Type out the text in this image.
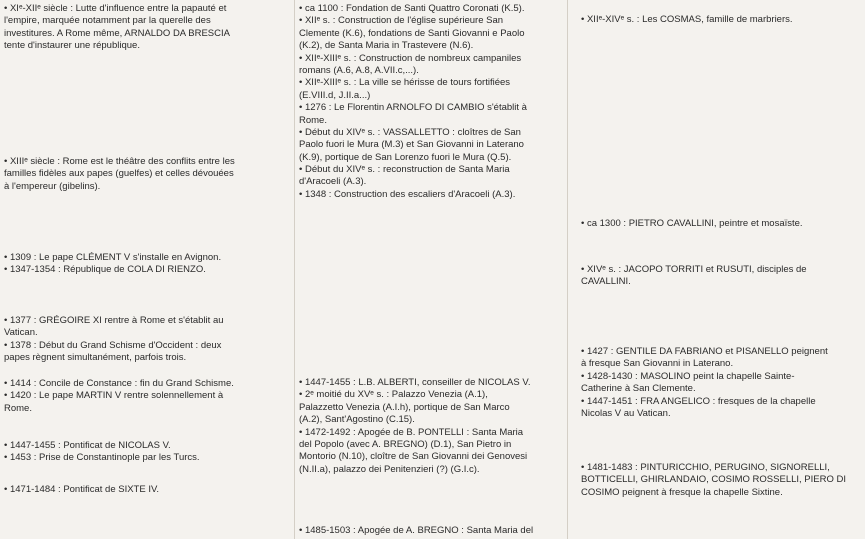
• XIᵉ-XIIᵉ siècle : Lutte d'influence entre la papauté et
l'empire, marquée notamment par la querelle des
investitures. A Rome même, ARNALDO DA BRESCIA
tente d'instaurer une république.
• XIIIᵉ siècle : Rome est le théâtre des conflits entre les
familles fidèles aux papes (guelfes) et celles dévouées
à l'empereur (gibelins).
• 1309 : Le pape CLÉMENT V s'installe en Avignon.
• 1347-1354 : République de COLA DI RIENZO.
• 1377 : GRÉGOIRE XI rentre à Rome et s'établit au
Vatican.
• 1378 : Début du Grand Schisme d'Occident : deux
papes règnent simultanément, parfois trois.
• 1414 : Concile de Constance : fin du Grand Schisme.
• 1420 : Le pape MARTIN V rentre solennellement à
Rome.
• 1447-1455 : Pontificat de NICOLAS V.
• 1453 : Prise de Constantinople par les Turcs.
• 1471-1484 : Pontificat de SIXTE IV.
• ca 1100 : Fondation de Santi Quattro Coronati (K.5).
• XIIᵉ s. : Construction de l'église supérieure San
Clemente (K.6), fondations de Santi Giovanni e Paolo
(K.2), de Santa Maria in Trastevere (N.6).
• XIIᵉ-XIIIᵉ s. : Construction de nombreux campaniles
romans (A.6, A.8, A.VII.c,...).
• XIIᵉ-XIIIᵉ s. : La ville se hérisse de tours fortifiées
(E.VIII.d, J.II.a...)
• 1276 : Le Florentin ARNOLFO DI CAMBIO s'établit à
Rome.
• Début du XIVᵉ s. : VASSALLETTO : cloîtres de San
Paolo fuori le Mura (M.3) et San Giovanni in Laterano
(K.9), portique de San Lorenzo fuori le Mura (Q.5).
• Début du XIVᵉ s. : reconstruction de Santa Maria
d'Aracoeli (A.3).
• 1348 : Construction des escaliers d'Aracoeli (A.3).
• 1447-1455 : L.B. ALBERTI, conseiller de NICOLAS V.
• 2ᵉ moitié du XVᵉ s. : Palazzo Venezia (A.1),
Palazzetto Venezia (A.I.h), portique de San Marco
(A.2), Sant'Agostino (C.15).
• 1472-1492 : Apogée de B. PONTELLI : Santa Maria
del Popolo (avec A. BREGNO) (D.1), San Pietro in
Montorio (N.10), cloître de San Giovanni dei Genovesi
(N.II.a), palazzo dei Penitenzieri (?) (G.I.c).
• 1485-1503 : Apogée de A. BREGNO : Santa Maria del
• XIIᵉ-XIVᵉ s. : Les COSMAS, famille de marbriers.
• ca 1300 : PIETRO CAVALLINI, peintre et mosaïste.
• XIVᵉ s. : JACOPO TORRITI et RUSUTI, disciples de
CAVALLINI.
• 1427 : GENTILE DA FABRIANO et PISANELLO peignent
à fresque San Giovanni in Laterano.
• 1428-1430 : MASOLINO peint la chapelle Sainte-
Catherine à San Clemente.
• 1447-1451 : FRA ANGELICO : fresques de la chapelle
Nicolas V au Vatican.
• 1481-1483 : PINTURICCHIO, PERUGINO, SIGNORELLI,
BOTTICELLI, GHIRLANDAIO, COSIMO ROSSELLI, PIERO DI
COSIMO peignent à fresque la chapelle Sixtine.
